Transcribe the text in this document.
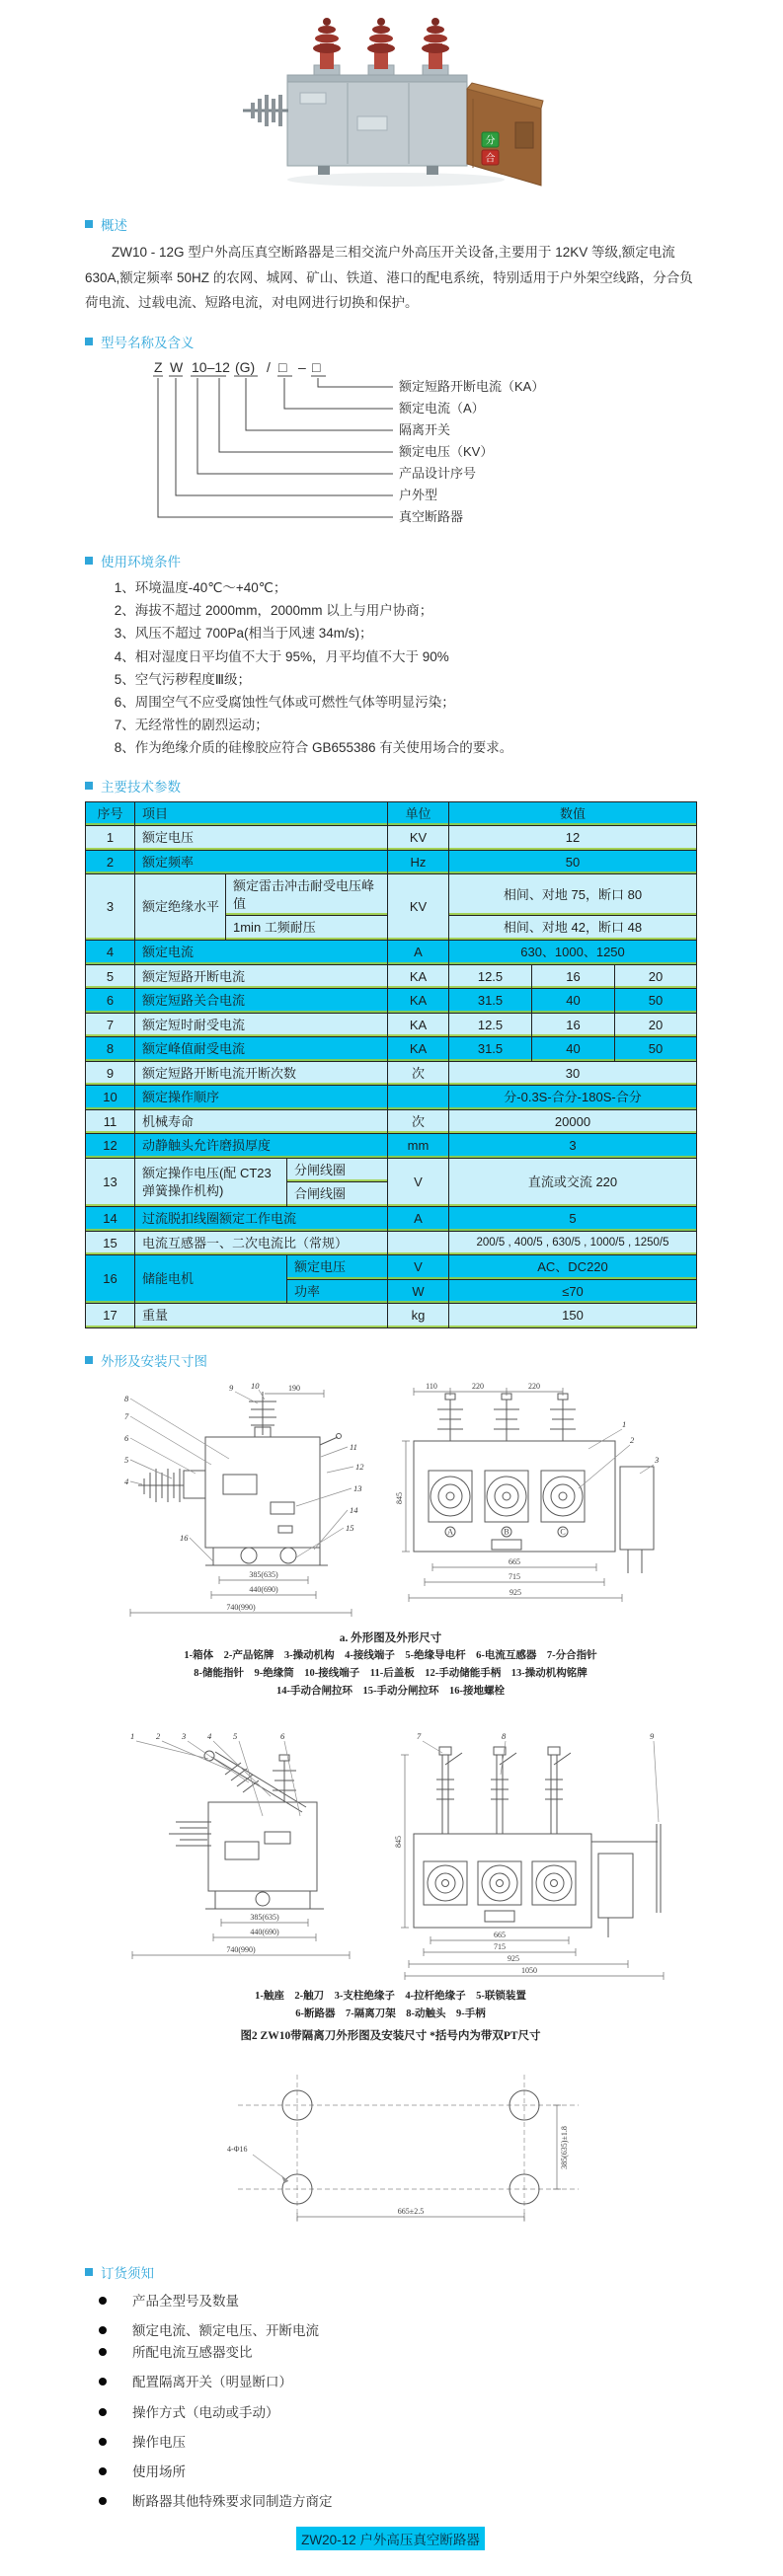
分
合
概述

ZW10 - 12G 型户外高压真空断路器是三相交流户外高压开关设备,主要用于 12KV 等级,额定电流 630A,额定频率 50HZ 的农网、城网、矿山、铁道、港口的配电系统，特别适用于户外架空线路，分合负荷电流、过载电流、短路电流，对电网进行切换和保护。

型号名称及含义
Z W 10–12 (G) / □ – □
额定短路开断电流（KA）
额定电流（A）
隔离开关
额定电压（KV）
产品设计序号
户外型
真空断路器
使用环境条件
1、环境温度-40℃～+40℃；
2、海拔不超过 2000mm，2000mm 以上与用户协商；
3、风压不超过 700Pa(相当于风速 34m/s)；
4、相对湿度日平均值不大于 95%，月平均值不大于 90%
5、空气污秽程度Ⅲ级；
6、周围空气不应受腐蚀性气体或可燃性气体等明显污染；
7、无经常性的剧烈运动；
8、作为绝缘介质的硅橡胶应符合 GB655386 有关使用场合的要求。
主要技术参数
序号	项目			单位	数值		
1	额定电压			KV	12		
2	额定频率			Hz	50		
3	额定绝缘水平	额定雷击冲击耐受电压峰值		KV	相间、对地 75，断口 80		
		1min 工频耐压			相间、对地 42，断口 48		
4	额定电流			A	630、1000、1250		
5	额定短路开断电流			KA	12.5	16	20
6	额定短路关合电流			KA	31.5	40	50
7	额定短时耐受电流			KA	12.5	16	20
8	额定峰值耐受电流			KA	31.5	40	50
9	额定短路开断电流开断次数			次	30		
10	额定操作顺序				分-0.3S-合分-180S-合分		
11	机械寿命			次	20000		
12	动静触头允许磨损厚度			mm	3		
13	额定操作电压(配 CT23 弹簧操作机构)		分闸线圈	V	直流或交流 220		
			合闸线圈				
14	过流脱扣线圈额定工作电流			A	5		
15	电流互感器一、二次电流比（常规）				200/5 , 400/5 , 630/5 , 1000/5 , 1250/5		
16	储能电机		额定电压	V	AC、DC220		
			功率	W	≤70		
17	重量			kg	150		
外形及安装尺寸图
190
385(635)
440(690)
740(990)
4
5
6
7
8
9 10
11
12
13
14
15
16
A	B	C
110	220	220
845
665
715
925
1
2
3
a. 外形图及外形尺寸
1-箱体　2-产品铭牌　3-操动机构　4-接线端子　5-绝缘导电杆　6-电流互感器　7-分合指针
8-储能指针　9-绝缘筒　10-接线端子　11-后盖板　12-手动储能手柄　13-操动机构铭牌
14-手动合闸拉环　15-手动分闸拉环　16-接地螺栓
385(635)
440(690)
740(990)
1	2	3	4	5	6
845
665
715
925
1050
7	8	9
1-触座　2-触刀　3-支柱绝缘子　4-拉杆绝缘子　5-联锁装置
6-断路器　7-隔离刀架　8-动触头　9-手柄
图2 ZW10带隔离刀外形图及安装尺寸 *括号内为带双PT尺寸
4-Φ16
665±2.5
385(635)±1.8
订货须知
产品全型号及数量
额定电流、额定电压、开断电流
所配电流互感器变比
配置隔离开关（明显断口）
操作方式（电动或手动）
操作电压
使用场所
断路器其他特殊要求同制造方商定
ZW20-12 户外高压真空断路器
